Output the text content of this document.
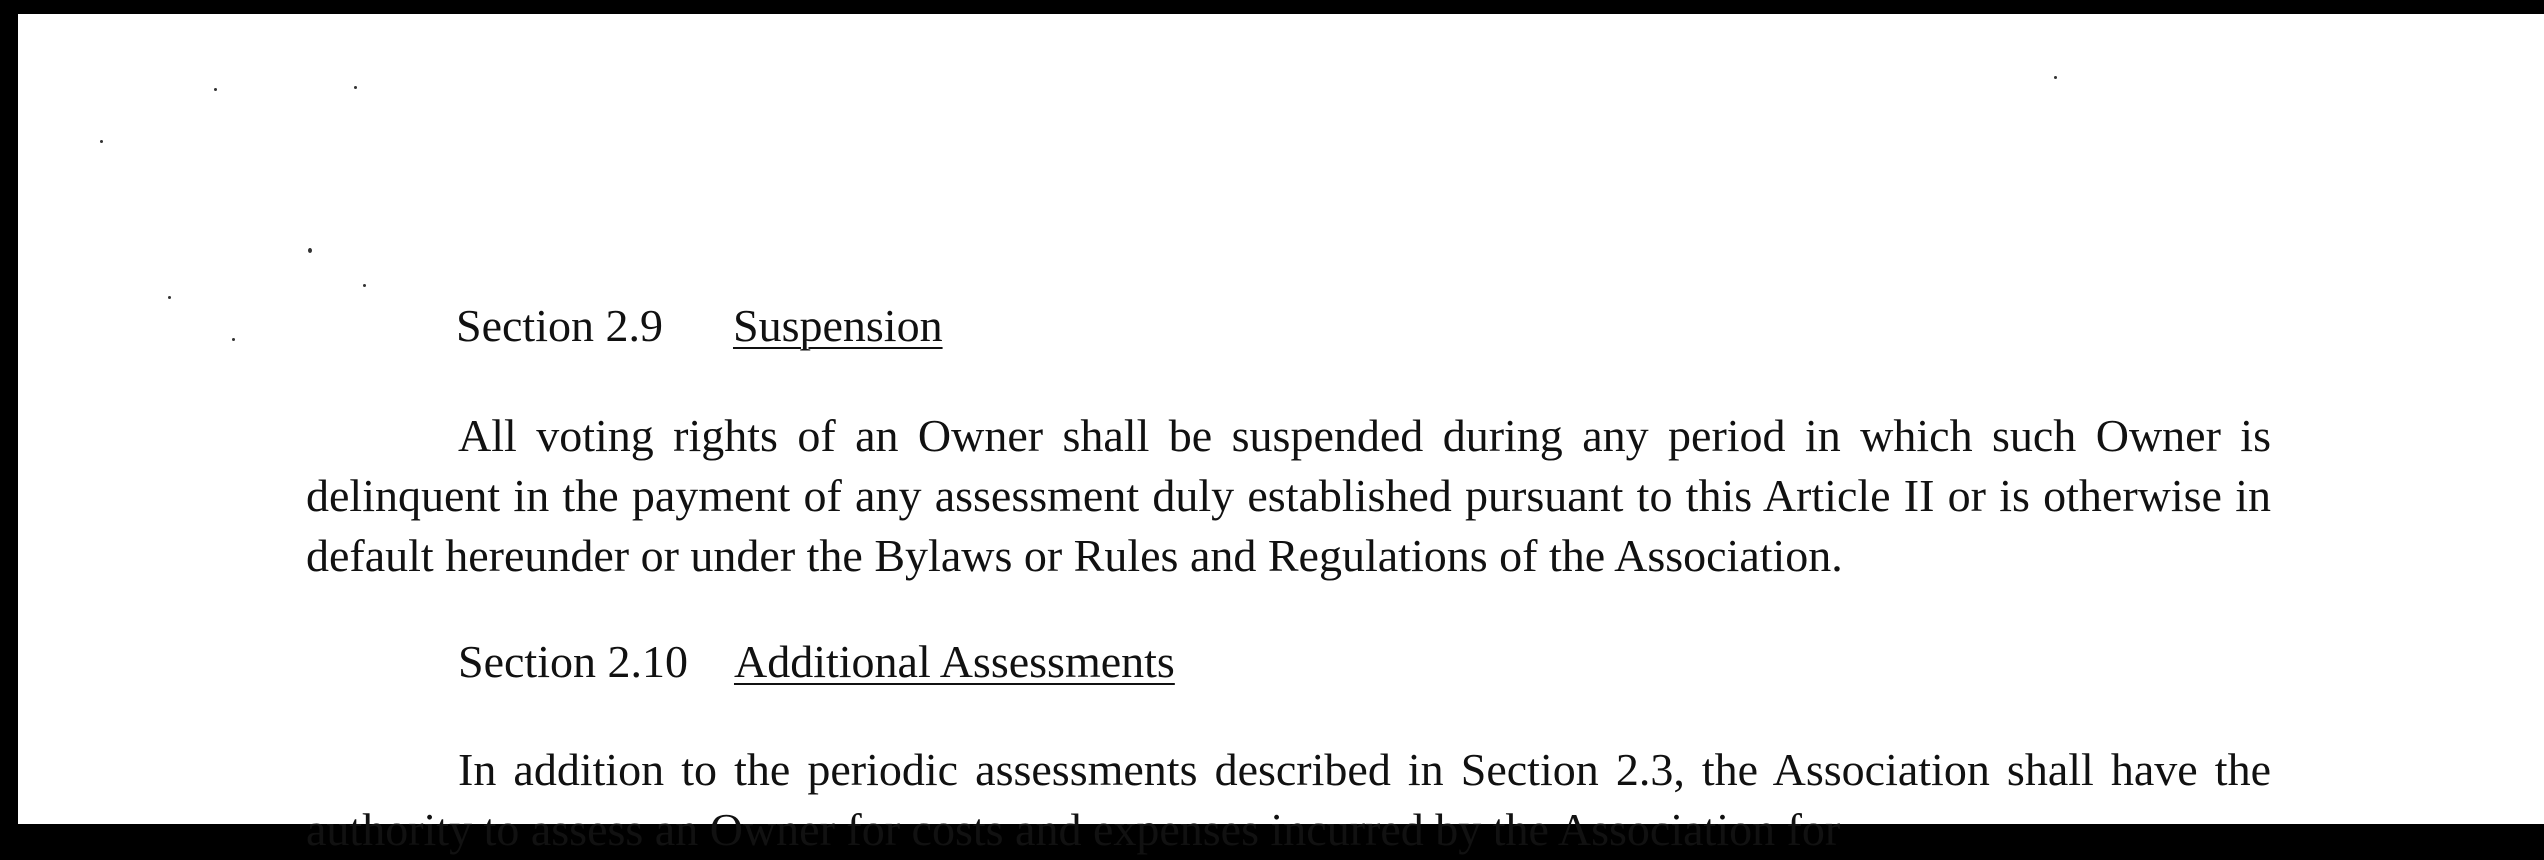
Section 2.9 Suspension
All voting rights of an Owner shall be suspended during any period in which such Owner is delinquent in the payment of any assessment duly established pursuant to this Article II or is otherwise in default hereunder or under the Bylaws or Rules and Regulations of the Association.
Section 2.10 Additional Assessments
In addition to the periodic assessments described in Section 2.3, the Association shall have the authority to assess an Owner for costs and expenses incurred by the Association for
